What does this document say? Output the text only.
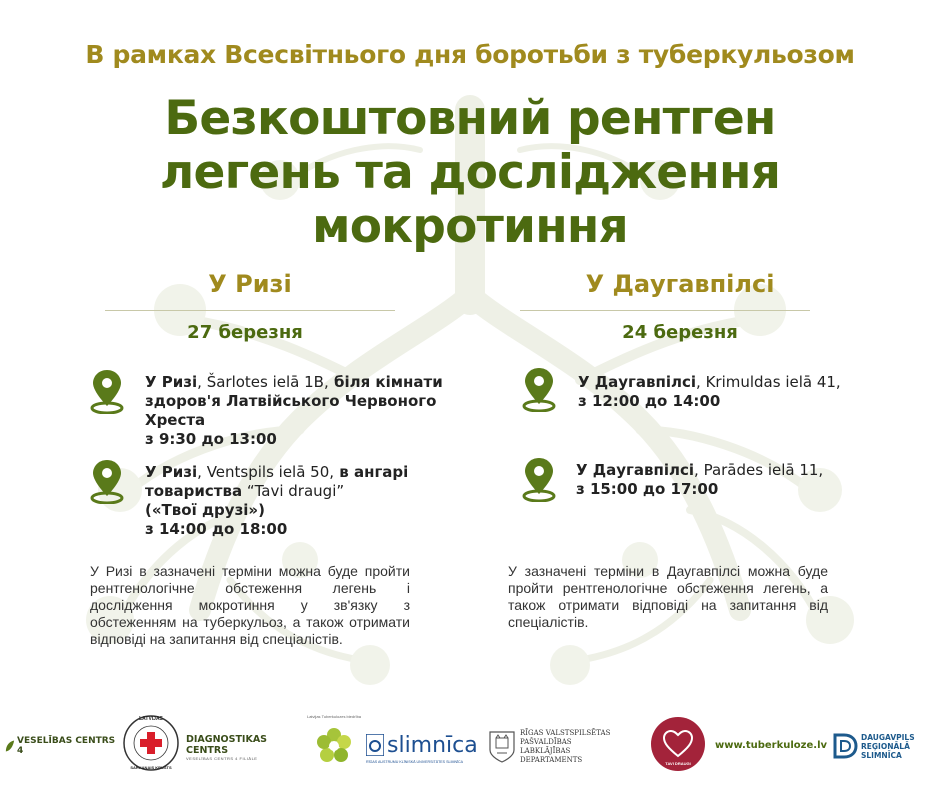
В рамках Всесвітнього дня боротьби з туберкульозом
Безкоштовний рентген
легень та дослідження
мокротиння
У Ризі
27 березня
У Ризі, Šarlotes ielā 1B, біля кімнати здоров'я Латвійського Червоного Хреста
з 9:30 до 13:00
У Ризі, Ventspils ielā 50, в ангарі товариства “Tavi draugi”
(«Твої друзі»)
з 14:00 до 18:00
У Ризі в зазначені терміни можна буде пройти рентгенологічне обстеження легень і дослідження мокротиння у зв'язку з обстеженням на туберкульоз, а також отримати відповіді на запитання від спеціалістів.
У Даугавпілсі
24 березня
У Даугавпілсі, Krimuldas ielā 41,
з 12:00 до 14:00
У Даугавпілсі, Parādes ielā 11,
з 15:00 до 17:00
У зазначені терміни в Даугавпілсі можна буде пройти рентгенологічне обстеження легень, а також отримати відповіді на запитання від спеціалістів.
VESELĪBAS CENTRS 4
LATVIJAS
SARKANAIS KRUSTS
DIAGNOSTIKAS CENTRS
VESELĪBAS CENTRS 4 FILIĀLE
Latvijas Tuberkulozes biedrība
slimnīca
RĪGAS AUSTRUMU KLĪNISKĀ UNIVERSITĀTES SLIMNĪCA
RĪGAS VALSTSPILSĒTAS
PAŠVALDĪBAS
LABKLĀJĪBAS
DEPARTAMENTS	TAVI DRAUGI
www.tuberkuloze.lv
DAUGAVPILS
REĢIONĀLĀ
SLIMNĪCA
